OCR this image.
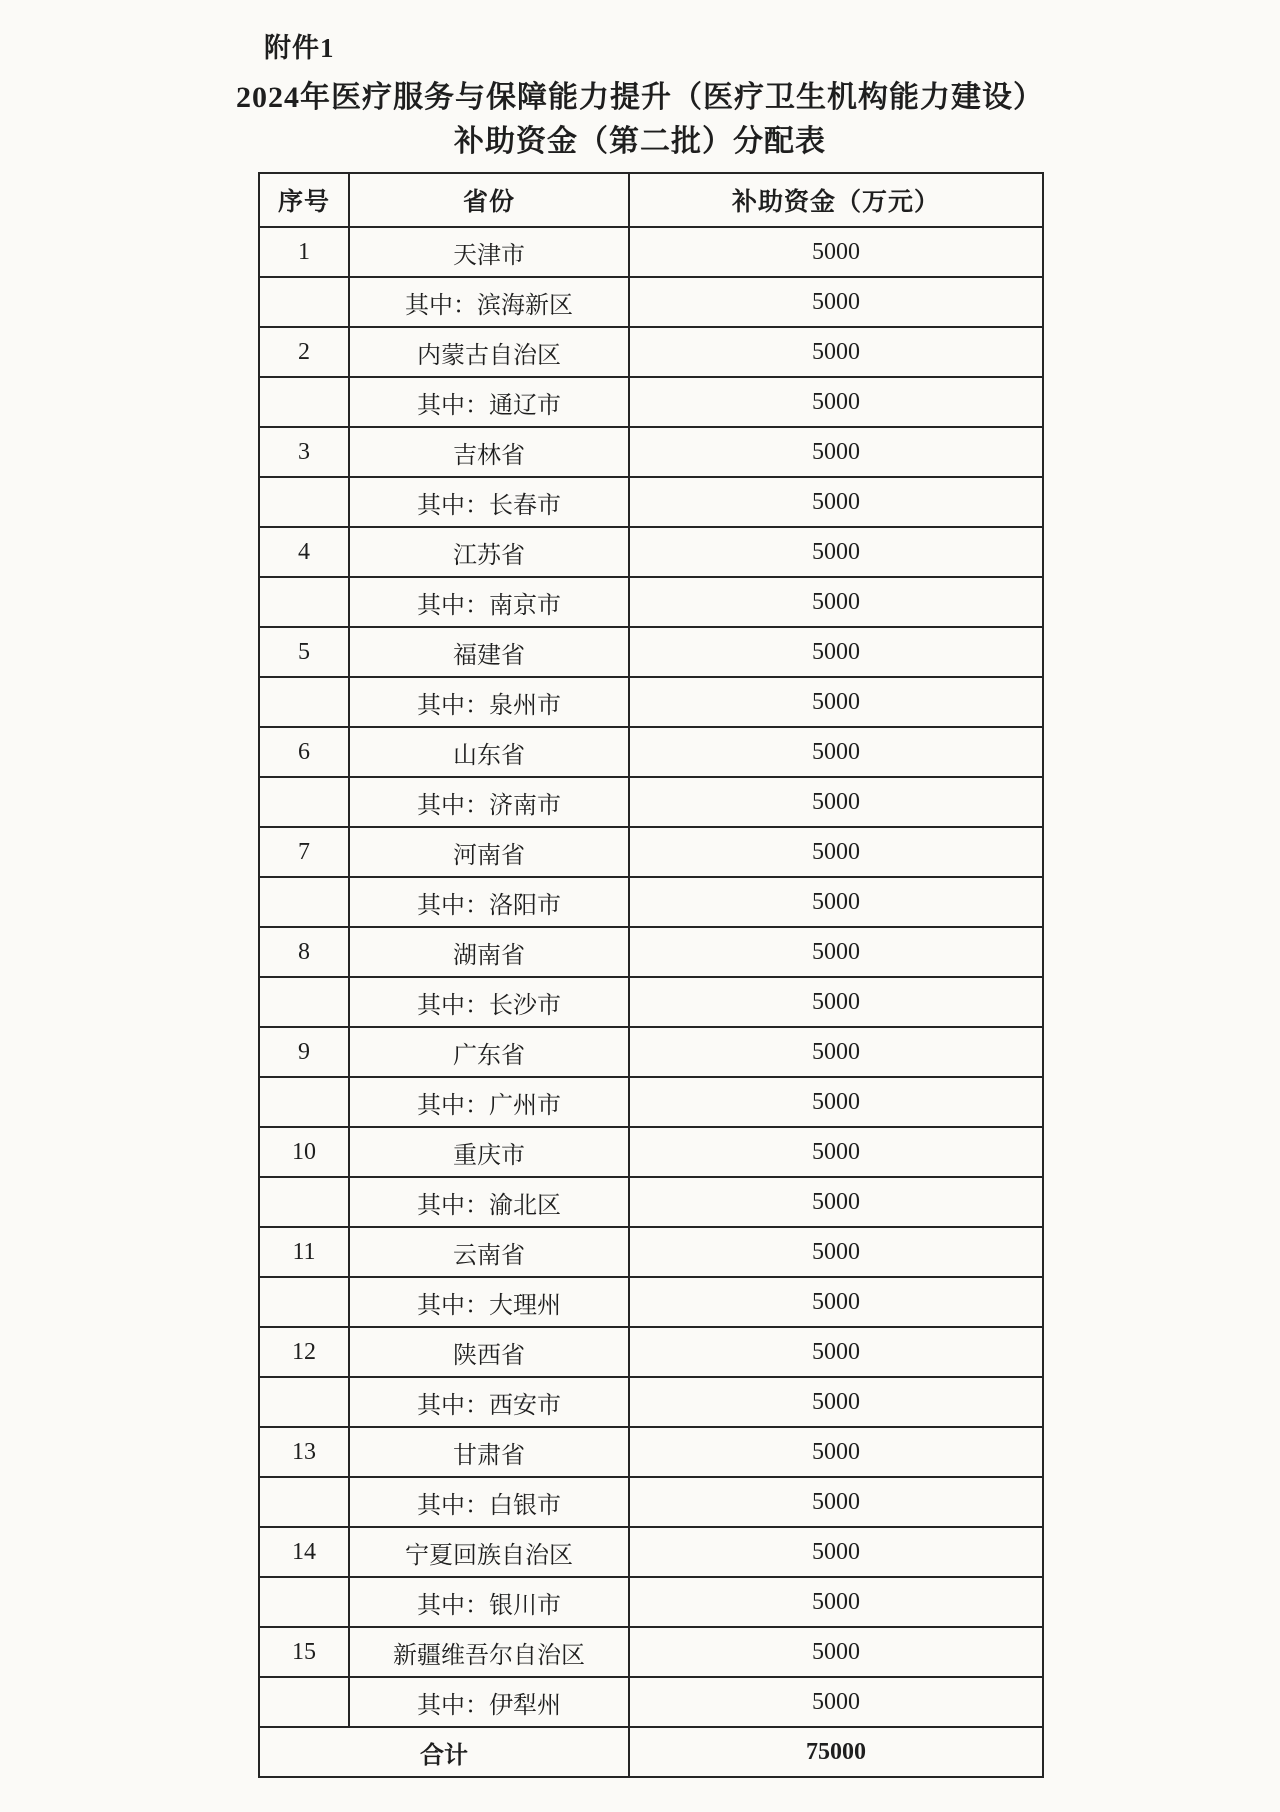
附件1
2024年医疗服务与保障能力提升（医疗卫生机构能力建设）
补助资金（第二批）分配表
序号	省份	补助资金（万元）
1	天津市	5000
	其中：滨海新区	5000
2	内蒙古自治区	5000
	其中：通辽市	5000
3	吉林省	5000
	其中：长春市	5000
4	江苏省	5000
	其中：南京市	5000
5	福建省	5000
	其中：泉州市	5000
6	山东省	5000
	其中：济南市	5000
7	河南省	5000
	其中：洛阳市	5000
8	湖南省	5000
	其中：长沙市	5000
9	广东省	5000
	其中：广州市	5000
10	重庆市	5000
	其中：渝北区	5000
11	云南省	5000
	其中：大理州	5000
12	陕西省	5000
	其中：西安市	5000
13	甘肃省	5000
	其中：白银市	5000
14	宁夏回族自治区	5000
	其中：银川市	5000
15	新疆维吾尔自治区	5000
	其中：伊犁州	5000
合计		75000
